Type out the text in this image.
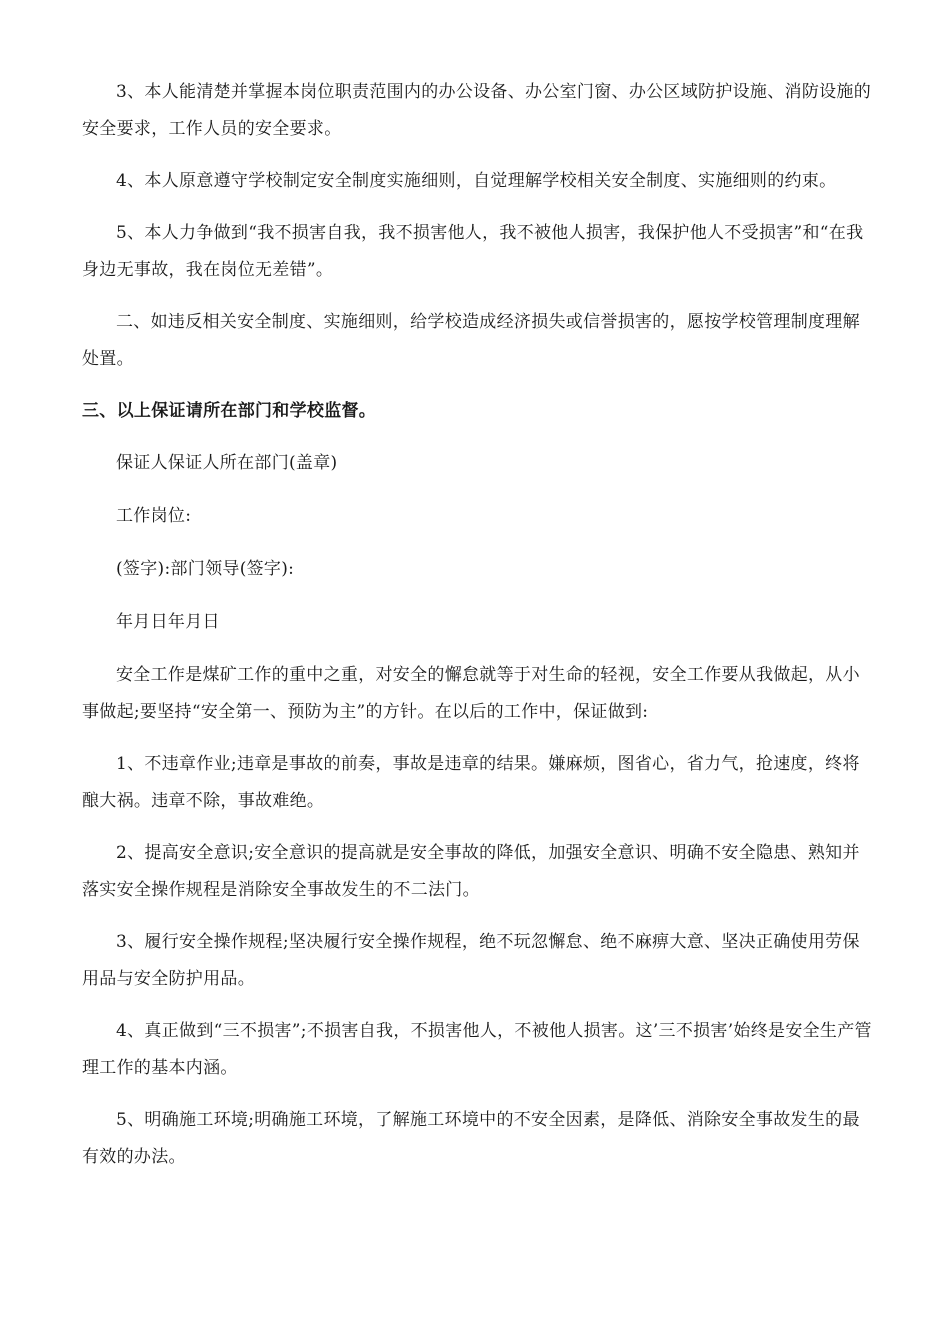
3、本人能清楚并掌握本岗位职责范围内的办公设备、办公室门窗、办公区域防护设施、消防设施的安全要求，工作人员的安全要求。

4、本人原意遵守学校制定安全制度实施细则，自觉理解学校相关安全制度、实施细则的约束。

5、本人力争做到“我不损害自我，我不损害他人，我不被他人损害，我保护他人不受损害”和“在我身边无事故，我在岗位无差错”。

二、如违反相关安全制度、实施细则，给学校造成经济损失或信誉损害的，愿按学校管理制度理解处置。

三、以上保证请所在部门和学校监督。

保证人保证人所在部门(盖章)

工作岗位:

(签字):部门领导(签字):

年月日年月日

安全工作是煤矿工作的重中之重，对安全的懈怠就等于对生命的轻视，安全工作要从我做起，从小事做起;要坚持“安全第一、预防为主”的方针。在以后的工作中，保证做到:

1、不违章作业;违章是事故的前奏，事故是违章的结果。嫌麻烦，图省心，省力气，抢速度，终将酿大祸。违章不除，事故难绝。

2、提高安全意识;安全意识的提高就是安全事故的降低，加强安全意识、明确不安全隐患、熟知并落实安全操作规程是消除安全事故发生的不二法门。

3、履行安全操作规程;坚决履行安全操作规程，绝不玩忽懈怠、绝不麻痹大意、坚决正确使用劳保用品与安全防护用品。

4、真正做到“三不损害”;不损害自我，不损害他人，不被他人损害。这’三不损害’始终是安全生产管理工作的基本内涵。

5、明确施工环境;明确施工环境，了解施工环境中的不安全因素，是降低、消除安全事故发生的最有效的办法。
